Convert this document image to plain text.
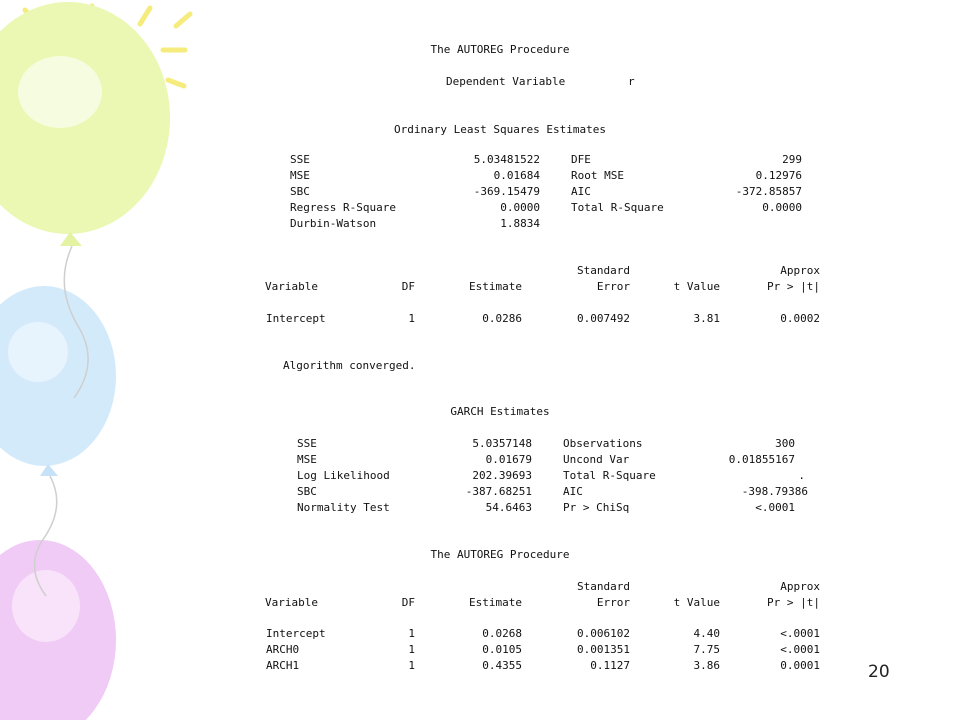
The AUTOREG Procedure
Dependent Variable	r
Ordinary Least Squares Estimates
SSE	5.03481522	DFE	299
MSE	0.01684	Root MSE	0.12976
SBC	-369.15479	AIC	-372.85857
Regress R-Square	0.0000	Total R-Square	0.0000
Durbin-Watson	1.8834
Standard	Approx
Variable	DF	Estimate	Error	t Value	Pr > |t|
Intercept	1	0.0286	0.007492	3.81	0.0002
Algorithm converged.
GARCH Estimates
SSE	5.0357148	Observations	300
MSE	0.01679	Uncond Var	0.01855167
Log Likelihood	202.39693	Total R-Square	.
SBC	-387.68251	AIC	-398.79386
Normality Test	54.6463	Pr > ChiSq	<.0001
The AUTOREG Procedure
Standard	Approx
Variable	DF	Estimate	Error	t Value	Pr > |t|
Intercept	1	0.0268	0.006102	4.40	<.0001
ARCH0	1	0.0105	0.001351	7.75	<.0001
ARCH1	1	0.4355	0.1127	3.86	0.0001	20
